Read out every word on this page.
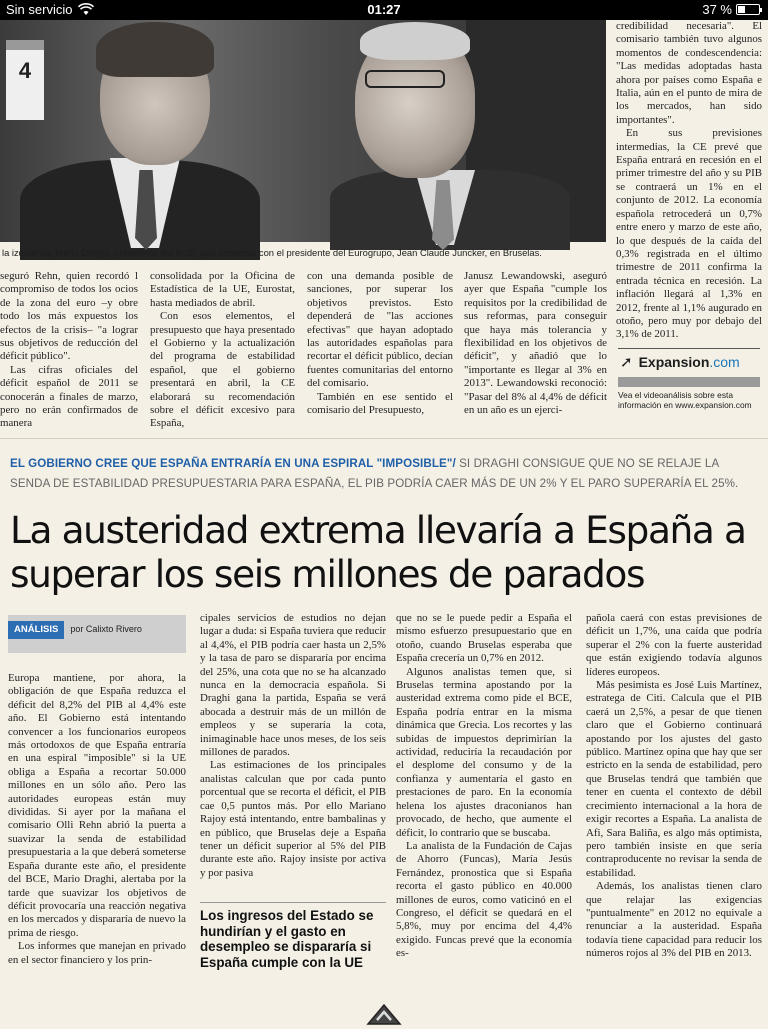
Sin servicio	01:27	37 %
4
la izquierda, Mario Draghi, presidente del BCE, que conversa con el presidente del Eurogrupo, Jean Claude Juncker, en Bruselas.

credibilidad necesaria". El comisario también tuvo algunos momentos de condescendencia: "Las medidas adoptadas hasta ahora por países como España e Italia, aún en el punto de mira de los mercados, han sido importantes".

En sus previsiones intermedias, la CE prevé que España entrará en recesión en el primer trimestre del año y su PIB se contraerá un 1% en el conjunto de 2012. La economía española retrocederá un 0,7% entre enero y marzo de este año, lo que después de la caída del 0,3% registrada en el último trimestre de 2011 confirma la entrada técnica en recesión. La inflación llegará al 1,3% en 2012, frente al 1,1% augurado en otoño, pero muy por debajo del 3,1% de 2011.

➚ Expansion.com
Vea el videoanálisis sobre esta información en www.expansion.com

seguró Rehn, quien recordó l compromiso de todos los ocios de la zona del euro –y obre todo los más expuestos los efectos de la crisis– "a lograr sus objetivos de reducción del déficit público".

Las cifras oficiales del déficit español de 2011 se conocerán a finales de marzo, pero no erán confirmados de manera

consolidada por la Oficina de Estadística de la UE, Eurostat, hasta mediados de abril.

Con esos elementos, el presupuesto que haya presentado el Gobierno y la actualización del programa de estabilidad español, que el gobierno presentará en abril, la CE elaborará su recomendación sobre el déficit excesivo para España,

con una demanda posible de sanciones, por superar los objetivos previstos. Esto dependerá de "las acciones efectivas" que hayan adoptado las autoridades españolas para recortar el déficit público, decían fuentes comunitarias del entorno del comisario.

También en ese sentido el comisario del Presupuesto,

Janusz Lewandowski, aseguró ayer que España "cumple los requisitos por la credibilidad de sus reformas, para conseguir que haya más tolerancia y flexibilidad en los objetivos de déficit", y añadió que lo "importante es llegar al 3% en 2013". Lewandowski reconoció: "Pasar del 8% al 4,4% de déficit en un año es un ejerci-

EL GOBIERNO CREE QUE ESPAÑA ENTRARÍA EN UNA ESPIRAL "IMPOSIBLE"/ SI DRAGHI CONSIGUE QUE NO SE RELAJE LA SENDA DE ESTABILIDAD PRESUPUESTARIA PARA ESPAÑA, EL PIB PODRÍA CAER MÁS DE UN 2% Y EL PARO SUPERARÍA EL 25%.
La austeridad extrema llevaría a España a superar los seis millones de parados
ANÁLISIS	por Calixto Rivero

Europa mantiene, por ahora, la obligación de que España reduzca el déficit del 8,2% del PIB al 4,4% este año. El Gobierno está intentando convencer a los funcionarios europeos más ortodoxos de que España entraría en una espiral "imposible" si la UE obliga a España a recortar 50.000 millones en un sólo año. Pero las autoridades europeas están muy divididas. Si ayer por la mañana el comisario Olli Rehn abrió la puerta a suavizar la senda de estabilidad presupuestaria a la que deberá someterse España durante este año, el presidente del BCE, Mario Draghi, alertaba por la tarde que suavizar los objetivos de déficit provocaría una reacción negativa en los mercados y dispararía de nuevo la prima de riesgo.

Los informes que manejan en privado en el sector financiero y los prin-

cipales servicios de estudios no dejan lugar a duda: si España tuviera que reducir al 4,4%, el PIB podría caer hasta un 2,5% y la tasa de paro se dispararía por encima del 25%, una cota que no se ha alcanzado nunca en la democracia española. Si Draghi gana la partida, España se verá abocada a destruir más de un millón de empleos y se superaría la cota, inimaginable hace unos meses, de los seis millones de parados.

Las estimaciones de los principales analistas calculan que por cada punto porcentual que se recorta el déficit, el PIB cae 0,5 puntos más. Por ello Mariano Rajoy está intentando, entre bambalinas y en público, que Bruselas deje a España tener un déficit superior al 5% del PIB durante este año. Rajoy insiste por activa y por pasiva

Los ingresos del Estado se hundirían y el gasto en desempleo se dispararía si España cumple con la UE

que no se le puede pedir a España el mismo esfuerzo presupuestario que en otoño, cuando Bruselas esperaba que España crecería un 0,7% en 2012.

Algunos analistas temen que, si Bruselas termina apostando por la austeridad extrema como pide el BCE, España podría entrar en la misma dinámica que Grecia. Los recortes y las subidas de impuestos deprimirían la actividad, reduciría la recaudación por el desplome del consumo y de la confianza y aumentaría el gasto en prestaciones de paro. En la economía helena los ajustes draconianos han provocado, de hecho, que aumente el déficit, lo contrario que se buscaba.

La analista de la Fundación de Cajas de Ahorro (Funcas), María Jesús Fernández, pronostica que si España recorta el gasto público en 40.000 millones de euros, como vaticinó en el Congreso, el déficit se quedará en el 5,8%, muy por encima del 4,4% exigido. Funcas prevé que la economía es-

pañola caerá con estas previsiones de déficit un 1,7%, una caída que podría superar el 2% con la fuerte austeridad que están exigiendo todavía algunos líderes europeos.

Más pesimista es José Luis Martínez, estratega de Citi. Calcula que el PIB caerá un 2,5%, a pesar de que tienen claro que el Gobierno continuará apostando por los ajustes del gasto público. Martínez opina que hay que ser estricto en la senda de estabilidad, pero que Bruselas tendrá que también que tener en cuenta el contexto de débil crecimiento internacional a la hora de exigir recortes a España. La analista de Afi, Sara Baliña, es algo más optimista, pero también insiste en que sería contraproducente no revisar la senda de estabilidad.

Además, los analistas tienen claro que relajar las exigencias "puntualmente" en 2012 no equivale a renunciar a la austeridad. España todavía tiene capacidad para reducir los números rojos al 3% del PIB en 2013.
